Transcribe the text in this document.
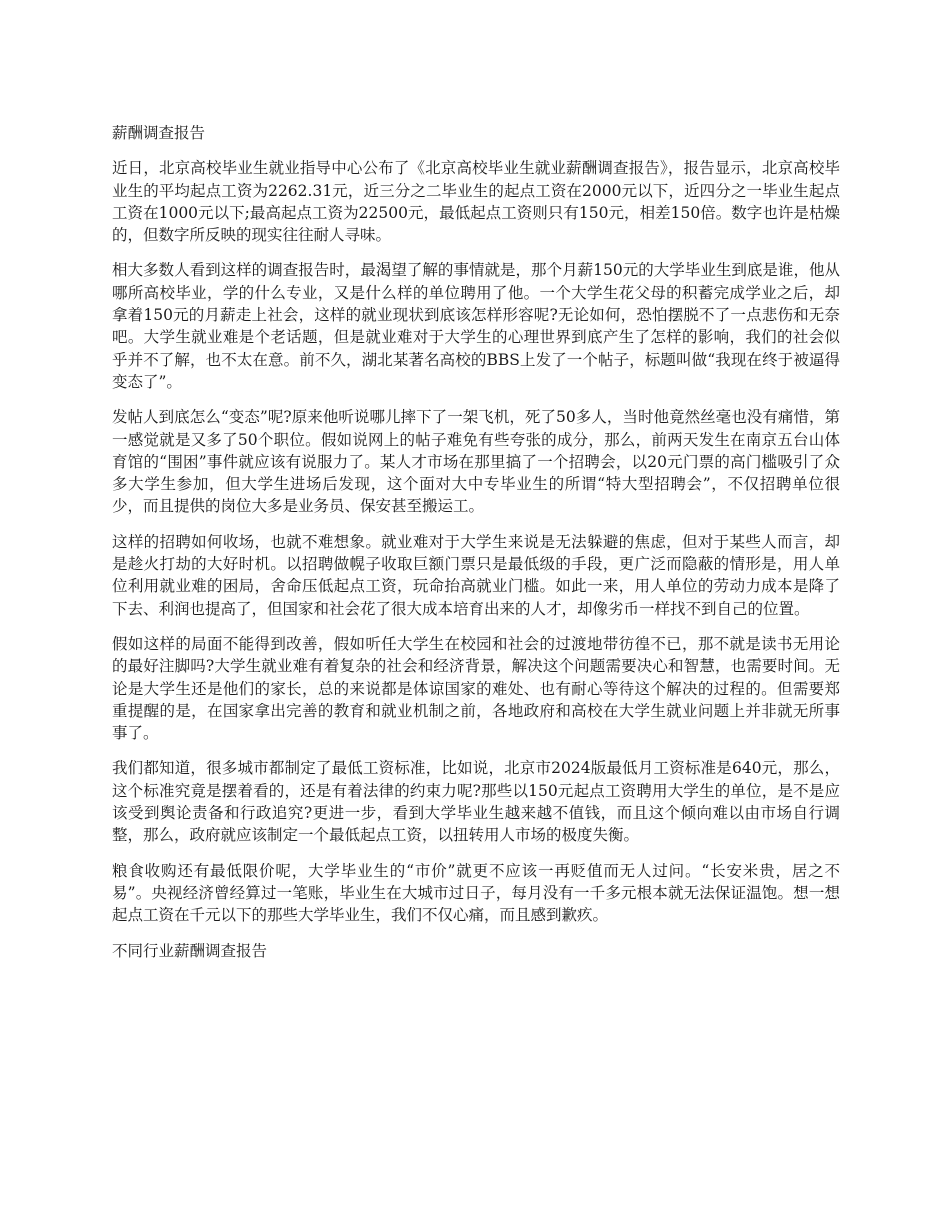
薪酬调查报告
近日，北京高校毕业生就业指导中心公布了《北京高校毕业生就业薪酬调查报告》，报告显示，北京高校毕业生的平均起点工资为2262.31元，近三分之二毕业生的起点工资在2000元以下，近四分之一毕业生起点工资在1000元以下;最高起点工资为22500元，最低起点工资则只有150元，相差150倍。数字也许是枯燥的，但数字所反映的现实往往耐人寻味。
相大多数人看到这样的调查报告时，最渴望了解的事情就是，那个月薪150元的大学毕业生到底是谁，他从哪所高校毕业，学的什么专业，又是什么样的单位聘用了他。一个大学生花父母的积蓄完成学业之后，却拿着150元的月薪走上社会，这样的就业现状到底该怎样形容呢?无论如何，恐怕摆脱不了一点悲伤和无奈吧。大学生就业难是个老话题，但是就业难对于大学生的心理世界到底产生了怎样的影响，我们的社会似乎并不了解，也不太在意。前不久，湖北某著名高校的BBS上发了一个帖子，标题叫做“我现在终于被逼得变态了”。
发帖人到底怎么“变态”呢?原来他听说哪儿摔下了一架飞机，死了50多人，当时他竟然丝毫也没有痛惜，第一感觉就是又多了50个职位。假如说网上的帖子难免有些夸张的成分，那么，前两天发生在南京五台山体育馆的“围困”事件就应该有说服力了。某人才市场在那里搞了一个招聘会，以20元门票的高门槛吸引了众多大学生参加，但大学生进场后发现，这个面对大中专毕业生的所谓“特大型招聘会”，不仅招聘单位很少，而且提供的岗位大多是业务员、保安甚至搬运工。
这样的招聘如何收场，也就不难想象。就业难对于大学生来说是无法躲避的焦虑，但对于某些人而言，却是趁火打劫的大好时机。以招聘做幌子收取巨额门票只是最低级的手段，更广泛而隐蔽的情形是，用人单位利用就业难的困局，舍命压低起点工资，玩命抬高就业门槛。如此一来，用人单位的劳动力成本是降了下去、利润也提高了，但国家和社会花了很大成本培育出来的人才，却像劣币一样找不到自己的位置。
假如这样的局面不能得到改善，假如听任大学生在校园和社会的过渡地带彷徨不已，那不就是读书无用论的最好注脚吗?大学生就业难有着复杂的社会和经济背景，解决这个问题需要决心和智慧，也需要时间。无论是大学生还是他们的家长，总的来说都是体谅国家的难处、也有耐心等待这个解决的过程的。但需要郑重提醒的是，在国家拿出完善的教育和就业机制之前，各地政府和高校在大学生就业问题上并非就无所事事了。
我们都知道，很多城市都制定了最低工资标准，比如说，北京市2024版最低月工资标准是640元，那么，这个标准究竟是摆着看的，还是有着法律的约束力呢?那些以150元起点工资聘用大学生的单位，是不是应该受到舆论责备和行政追究?更进一步，看到大学毕业生越来越不值钱，而且这个倾向难以由市场自行调整，那么，政府就应该制定一个最低起点工资，以扭转用人市场的极度失衡。
粮食收购还有最低限价呢，大学毕业生的“市价”就更不应该一再贬值而无人过问。“长安米贵，居之不易”。央视经济曾经算过一笔账，毕业生在大城市过日子，每月没有一千多元根本就无法保证温饱。想一想起点工资在千元以下的那些大学毕业生，我们不仅心痛，而且感到歉疚。
不同行业薪酬调查报告
